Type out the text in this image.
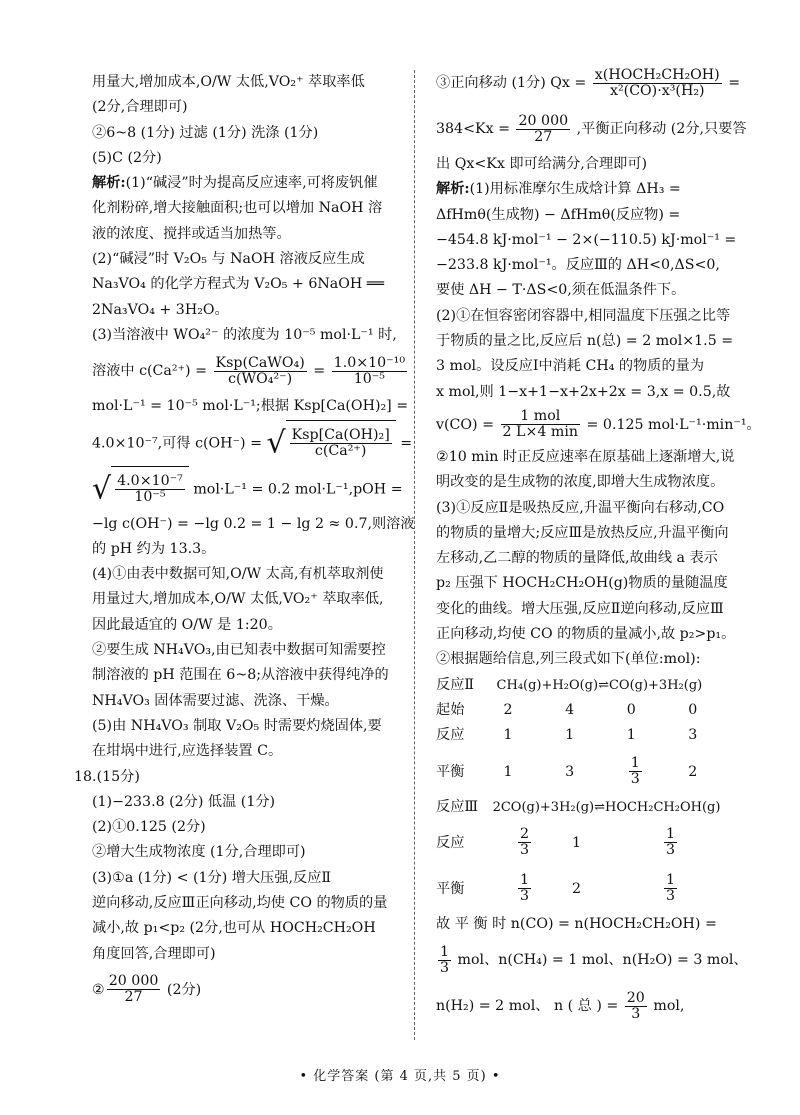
用量大,增加成本,O/W 太低,VO₂⁺ 萃取率低
(2分,合理即可)
②6~8 (1分) 过滤 (1分) 洗涤 (1分)
(5)C (2分)
解析:(1)“碱浸”时为提高反应速率,可将废钒催
化剂粉碎,增大接触面积;也可以增加 NaOH 溶
液的浓度、搅拌或适当加热等。
(2)“碱浸”时 V₂O₅ 与 NaOH 溶液反应生成
Na₃VO₄ 的化学方程式为 V₂O₅ + 6NaOH ══
2Na₃VO₄ + 3H₂O。
(3)当溶液中 WO₄²⁻ 的浓度为 10⁻⁵ mol·L⁻¹ 时,
溶液中 $c(Ca^{2+}) = \frac{\text{Ksp(CaWO₄)}}{\text{c(WO₄²⁻)}} = \frac{\text{1.0×10⁻¹⁰}}{\text{10⁻⁵}}$
mol·L⁻¹ = 10⁻⁵ mol·L⁻¹;根据 Ksp[Ca(OH)₂] =
4.0×10⁻⁷,可得 c(OH⁻) = √ $\frac{\text{Ksp[Ca(OH)₂]}}{\text{c(Ca²⁺)}}$ =
√ $\frac{\text{4.0×10⁻⁷}}{\text{10⁻⁵}} mol\cdot L^{-1} = 0.2$ mol·L⁻¹,pOH =
−lg c(OH⁻) = −lg 0.2 = 1 − lg 2 ≈ 0.7,则溶液
的 pH 约为 13.3。
(4)①由表中数据可知,O/W 太高,有机萃取剂使
用量过大,增加成本,O/W 太低,VO₂⁺ 萃取率低,
因此最适宜的 O/W 是 1:20。
②要生成 NH₄VO₃,由已知表中数据可知需要控
制溶液的 pH 范围在 6~8;从溶液中获得纯净的
NH₄VO₃ 固体需要过滤、洗涤、干燥。
(5)由 NH₄VO₃ 制取 V₂O₅ 时需要灼烧固体,要
在坩埚中进行,应选择装置 C。
18.(15分)
(1)−233.8 (2分) 低温 (1分)
(2)①0.125 (2分)
②增大生成物浓度 (1分,合理即可)
(3)①a (1分) < (1分) 增大压强,反应Ⅱ
逆向移动,反应Ⅲ正向移动,均使 CO 的物质的量
减小,故 p₁<p₂ (2分,也可从 HOCH₂CH₂OH
角度回答,合理即可)
② $\frac{20 000}{27} (2$分)
③正向移动 (1分) $Qx = \frac{\text{x(HOCH₂CH₂OH)}}{\text{x²(CO)·x³(H₂)}}$ =
$384<Kx = \frac{20 000}{27}$ ,平衡正向移动 (2分,只要答
出 Qx<Kx 即可给满分,合理即可)
解析:(1)用标准摩尔生成焓计算 ΔH₃ =
ΔfHmθ(生成物) − ΔfHmθ(反应物) =
−454.8 kJ·mol⁻¹ − 2×(−110.5) kJ·mol⁻¹ =
−233.8 kJ·mol⁻¹。反应Ⅲ的 ΔH<0,ΔS<0,
要使 ΔH − T·ΔS<0,须在低温条件下。
(2)①在恒容密闭容器中,相同温度下压强之比等
于物质的量之比,反应后 n(总) = 2 mol×1.5 =
3 mol。设反应Ⅰ中消耗 CH₄ 的物质的量为
x mol,则 1−x+1−x+2x+2x = 3,x = 0.5,故
$v(CO) = \frac{\text{1 mol}}{2 L\times 4 \min} = 0.125$ mol·L⁻¹·min⁻¹。
②10 min 时正反应速率在原基础上逐渐增大,说
明改变的是生成物的浓度,即增大生成物浓度。
(3)①反应Ⅱ是吸热反应,升温平衡向右移动,CO
的物质的量增大;反应Ⅲ是放热反应,升温平衡向
左移动,乙二醇的物质的量降低,故曲线 a 表示
p₂ 压强下 HOCH₂CH₂OH(g)物质的量随温度
变化的曲线。增大压强,反应Ⅱ逆向移动,反应Ⅲ
正向移动,均使 CO 的物质的量减小,故 p₂>p₁。
②根据题给信息,列三段式如下(单位:mol):
反应Ⅱ CH₄(g)+H₂O(g)⇌CO(g)+3H₂(g)
起始	2	4	0	0
反应	1	1	1	3
平衡	1	3	$\frac{1}{3}$	2
反应Ⅲ 2CO(g)+3H₂(g)⇌HOCH₂CH₂OH(g)
反应	$\frac{2}{3}$	1	$\frac{1}{3}$
平衡	$\frac{1}{3}$	2	$\frac{1}{3}$
故 平 衡 时 n(CO) = n(HOCH₂CH₂OH) =
$\frac{1}{3}$ mol、n(CH₄) = 1 mol、n(H₂O) = 3 mol、
n(H₂) = 2 mol、 n ( 总 ) = $\frac{20}{3}$ mol,
• 化学答案 (第 4 页,共 5 页) •
